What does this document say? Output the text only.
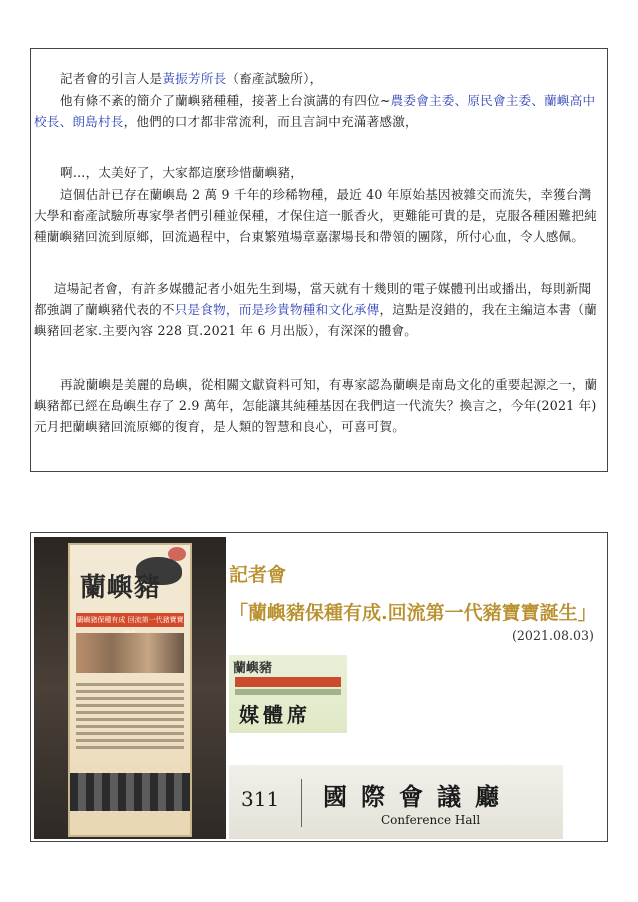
記者會的引言人是黃振芳所長（畜產試驗所），

他有條不紊的簡介了蘭嶼豬種種，接著上台演講的有四位~農委會主委、原民會主委、蘭嶼高中校長、朗島村長，他們的口才都非常流利，而且言詞中充滿著感激，

啊…，太美好了，大家都這麼珍惜蘭嶼豬，

這個估計已存在蘭嶼島 2 萬 9 千年的珍稀物種，最近 40 年原始基因被雜交而流失，幸獲台灣大學和畜產試驗所專家學者們引種並保種，才保住這一脈香火，更難能可貴的是，克服各種困難把純種蘭嶼豬回流到原鄉，回流過程中，台東繁殖場章嘉潔場長和帶領的團隊，所付心血，令人感佩。

這場記者會，有許多媒體記者小姐先生到場，當天就有十幾則的電子媒體刊出或播出，每則新聞都強調了蘭嶼豬代表的不只是食物，而是珍貴物種和文化承傳，這點是沒錯的，我在主編這本書（蘭嶼豬回老家.主要內容 228 頁.2021 年 6 月出版），有深深的體會。

再說蘭嶼是美麗的島嶼，從相關文獻資料可知，有專家認為蘭嶼是南島文化的重要起源之一，蘭嶼豬都已經在島嶼生存了 2.9 萬年，怎能讓其純種基因在我們這一代流失？換言之，今年(2021 年)元月把蘭嶼豬回流原鄉的復育，是人類的智慧和良心，可喜可賀。

蘭嶼豬
蘭嶼豬保種有成 回流第一代豬寶寶
記者會
「蘭嶼豬保種有成.回流第一代豬寶寶誕生」
(2021.08.03)
蘭嶼豬
媒體席
311 國際會議廳
Conference Hall
